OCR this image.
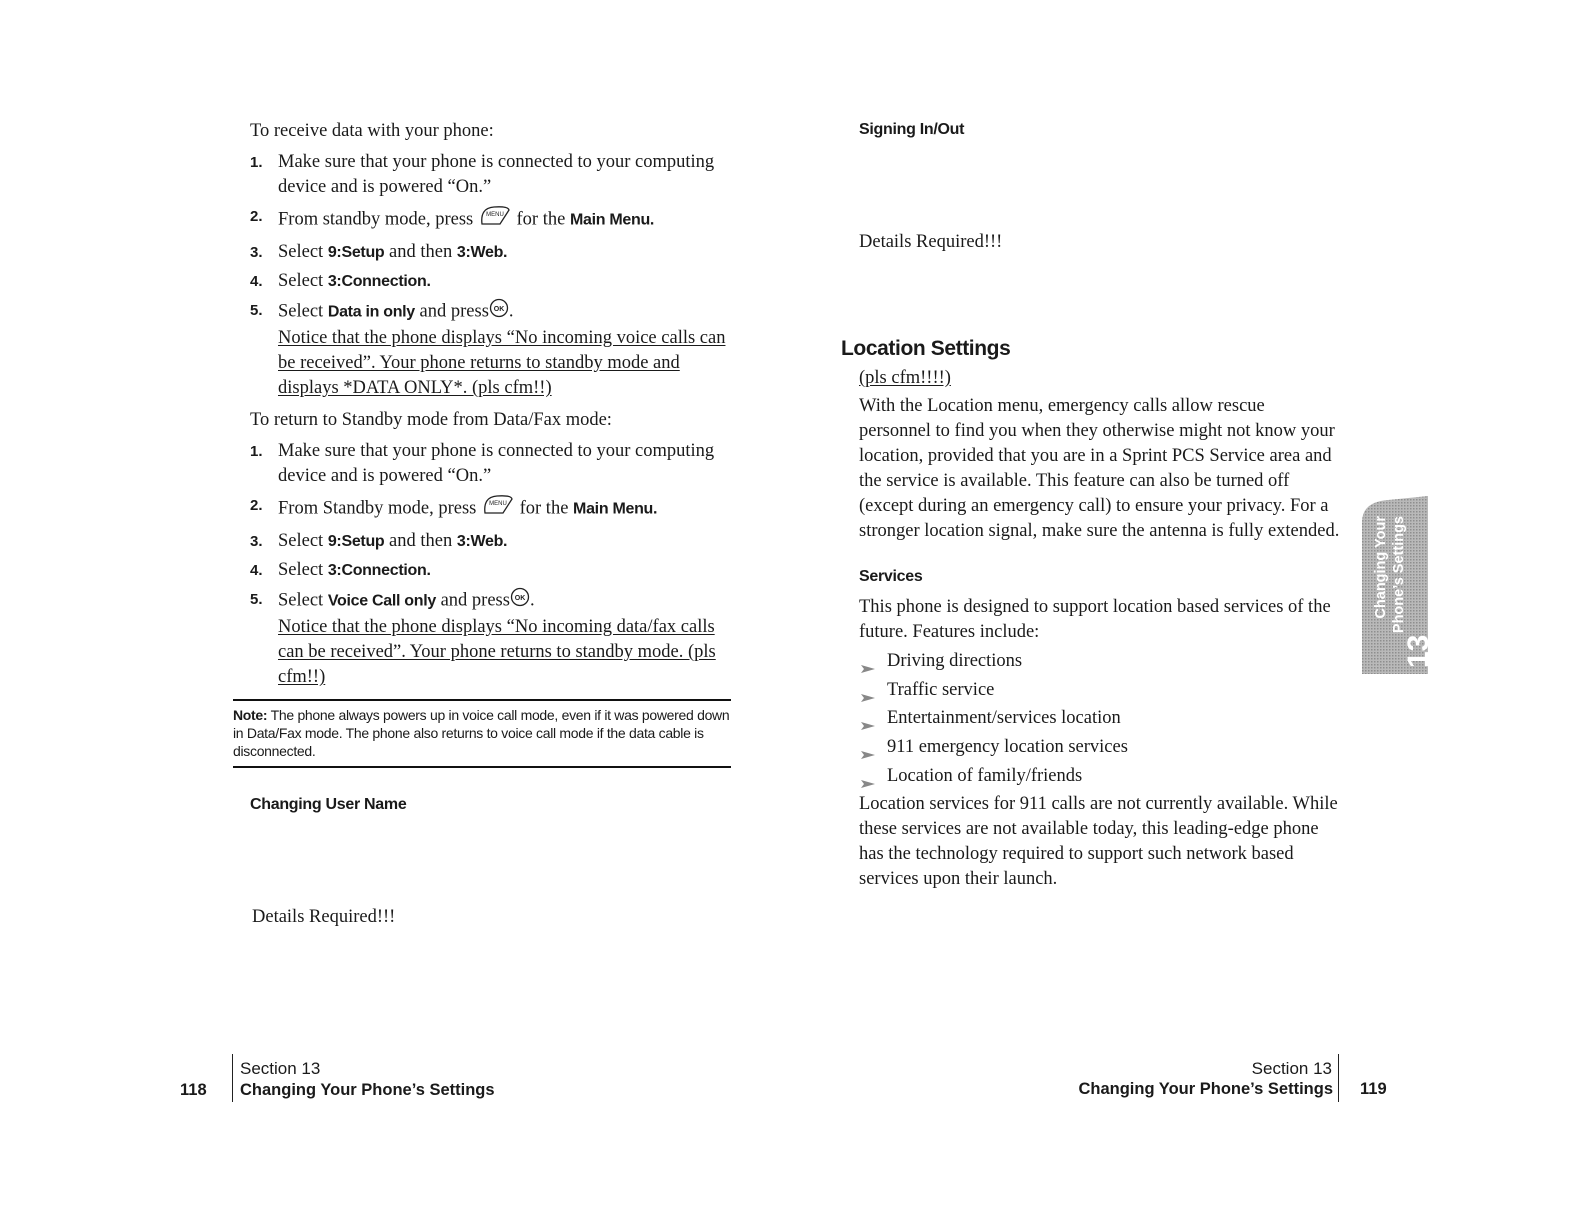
To receive data with your phone:
1. Make sure that your phone is connected to your computing device and is powered “On.”
2. From standby mode, press MENU for the Main Menu.
3. Select 9:Setup and then 3:Web.
4. Select 3:Connection.
5. Select Data in only and press OK .
Notice that the phone displays “No incoming voice calls can be received”. Your phone returns to standby mode and displays *DATA ONLY*. (pls cfm!!)
To return to Standby mode from Data/Fax mode:
1. Make sure that your phone is connected to your computing device and is powered “On.”
2. From Standby mode, press MENU for the Main Menu.
3. Select 9:Setup and then 3:Web.
4. Select 3:Connection.
5. Select Voice Call only and press OK .
Notice that the phone displays “No incoming data/fax calls can be received”. Your phone returns to standby mode. (pls cfm!!)
Note: The phone always powers up in voice call mode, even if it was powered down in Data/Fax mode. The phone also returns to voice call mode if the data cable is disconnected.
Changing User Name
Details Required!!!
118
Section 13
Changing Your Phone’s Settings
Signing In/Out
Details Required!!!
Location Settings
(pls cfm!!!!)
With the Location menu, emergency calls allow rescue personnel to find you when they otherwise might not know your location, provided that you are in a Sprint PCS Service area and the service is available. This feature can also be turned off (except during an emergency call) to ensure your privacy. For a stronger location signal, make sure the antenna is fully extended.
Services
This phone is designed to support location based services of the future. Features include:
Driving directions
Traffic service
Entertainment/services location
911 emergency location services
Location of family/friends
Location services for 911 calls are not currently available. While these services are not available today, this leading-edge phone has the technology required to support such network based services upon their launch.
Changing Your Phone’s Settings
13
Section 13
Changing Your Phone’s Settings 119
